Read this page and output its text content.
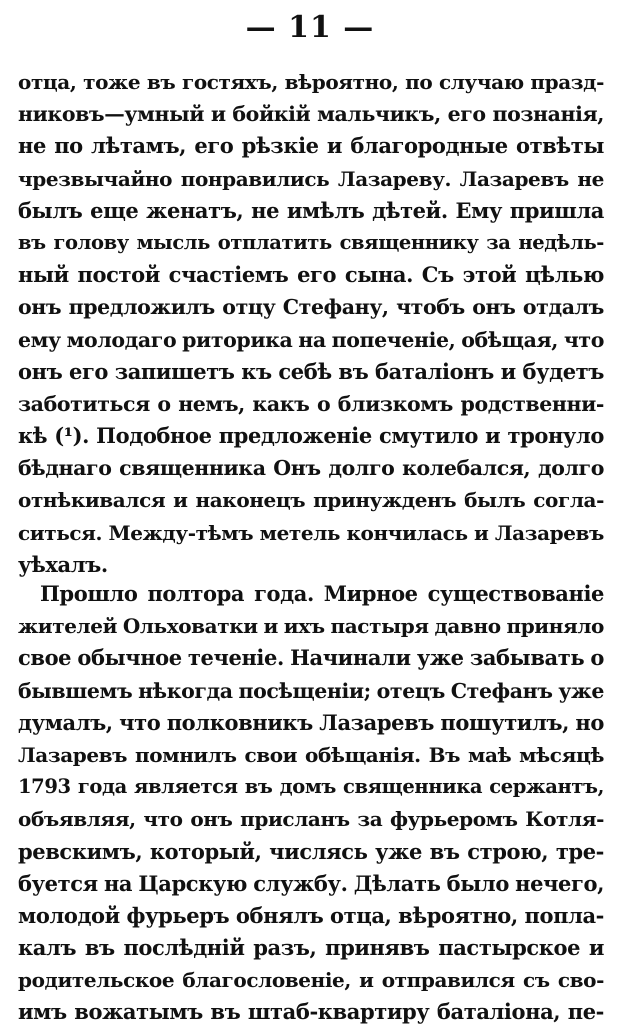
— 11 —
отца, тоже въ гостяхъ, вѣроятно, по случаю празд-
никовъ—умный и бойкій мальчикъ, его познанія,
не по лѣтамъ, его рѣзкіе и благородные отвѣты
чрезвычайно понравились Лазареву. Лазаревъ не
былъ еще женатъ, не имѣлъ дѣтей. Ему пришла
въ голову мысль отплатить священнику за недѣль-
ный постой счастіемъ его сына. Съ этой цѣлью
онъ предложилъ отцу Стефану, чтобъ онъ отдалъ
ему молодаго риторика на попеченіе, обѣщая, что
онъ его запишетъ къ себѣ въ баталіонъ и будетъ
заботиться о немъ, какъ о близкомъ родственни-
кѣ (¹). Подобное предложеніе смутило и тронуло
бѣднаго священника Онъ долго колебался, долго
отнѣкивался и наконецъ принужденъ былъ согла-
ситься. Между-тѣмъ метель кончилась и Лазаревъ
уѣхалъ.
Прошло полтора года. Мирное существованіе
жителей Ольховатки и ихъ пастыря давно приняло
свое обычное теченіе. Начинали уже забывать о
бывшемъ нѣкогда посѣщеніи; отецъ Стефанъ уже
думалъ, что полковникъ Лазаревъ пошутилъ, но
Лазаревъ помнилъ свои обѣщанія. Въ маѣ мѣсяцѣ
1793 года является въ домъ священника сержантъ,
объявляя, что онъ присланъ за фурьеромъ Котля-
ревскимъ, который, числясь уже въ строю, тре-
буется на Царскую службу. Дѣлать было нечего,
молодой фурьеръ обнялъ отца, вѣроятно, попла-
калъ въ послѣдній разъ, принявъ пастырское и
родительское благословеніе, и отправился съ сво-
имъ вожатымъ въ штаб-квартиру баталіона, пе-
